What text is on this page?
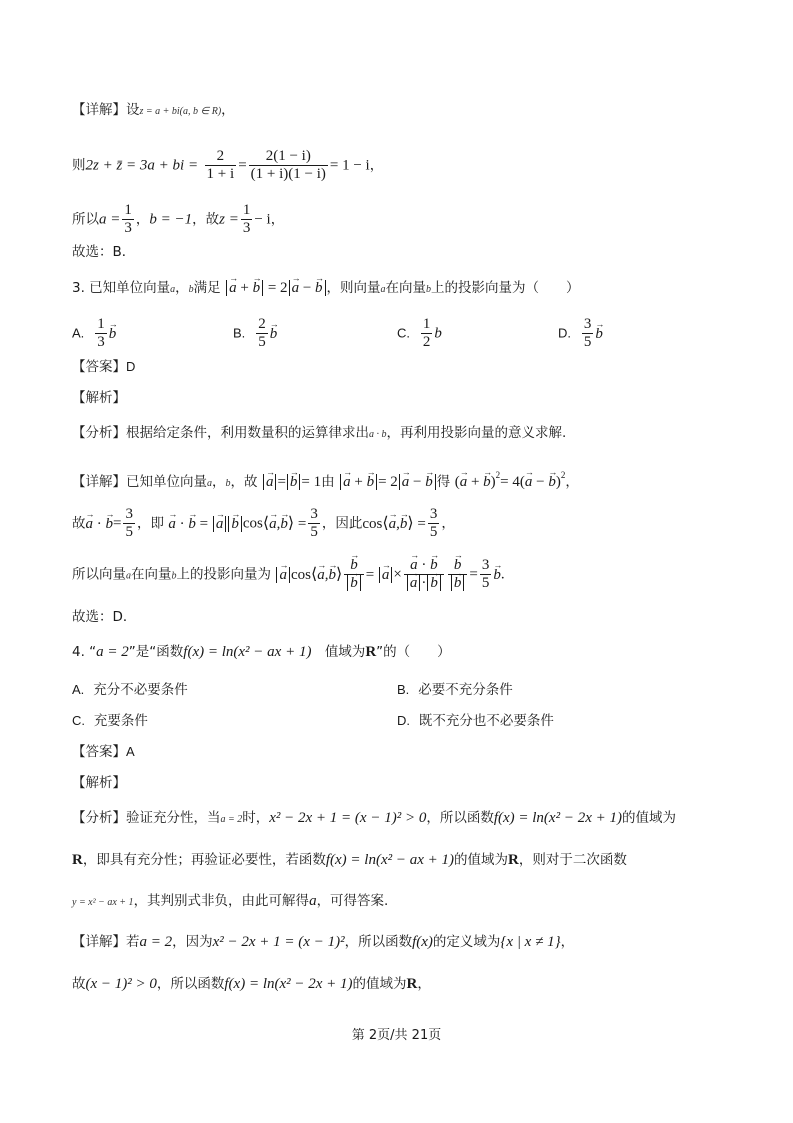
【详解】设z = a + bi(a, b ∈ R)，
则2z + z̄ = 3a + bi = $\frac{2}{1 + i} = \frac{2(1 - i)}{(1 + i)(1 - i)} = 1 - i$，
所以$a = \frac{1}{3}$ ，b = −1，故$z = \frac{1}{3} - i$，
故选：B．
3. 已知单位向量a，b满足 → a + → b = 2→ a − → b ，则向量a在向量b上的投影向量为（　　）
A. $\frac{1}{3}$
→ b	B. $\frac{2}{5}$
→ b	C. $\frac{1}{2}$ b	D. $\frac{3}{5}$
→ b
【答案】D
【解析】
【分析】根据给定条件，利用数量积的运算律求出a · b，再利用投影向量的意义求解.
【详解】已知单位向量a，b，故 → a =→ b = 1由 → a + → b = 2→ a − → b 得 (→ a + → b)$^2$= 4(→ a − → b)$^2$，
故→ a · → $b= \frac{3}{5}$ ，即 → a · → b = → a→ b cos⟨→ a,→ b⟩ = $\frac{3}{5}$ ，因此cos⟨→ a,→ b⟩ = $\frac{3}{5}$ ，
所以向量a在向量b上的投影向量为 → a cos⟨→ a,→ b⟩
→ b
→ b = → a ×
→ a · → b
→ a ·→ b
→ b
→ $b = \frac{3}{5}$
→ b.
故选：D．
4. “a = 2”是“函数f(x) = ln(x² − ax + 1) 值域为R”的（　　）
A. 充分不必要条件	B. 必要不充分条件
C. 充要条件	D. 既不充分也不必要条件
【答案】A
【解析】
【分析】验证充分性，当a = 2时，x² − 2x + 1 = (x − 1)² > 0，所以函数f(x) = ln(x² − 2x + 1)的值域为
R，即具有充分性；再验证必要性，若函数f(x) = ln(x² − ax + 1)的值域为R，则对于二次函数
y = x² − ax + 1，其判别式非负，由此可解得a，可得答案.
【详解】若a = 2，因为x² − 2x + 1 = (x − 1)²，所以函数f(x)的定义域为{x | x ≠ 1}，
故(x − 1)² > 0，所以函数f(x) = ln(x² − 2x + 1)的值域为R，
第 2页/共 21页
